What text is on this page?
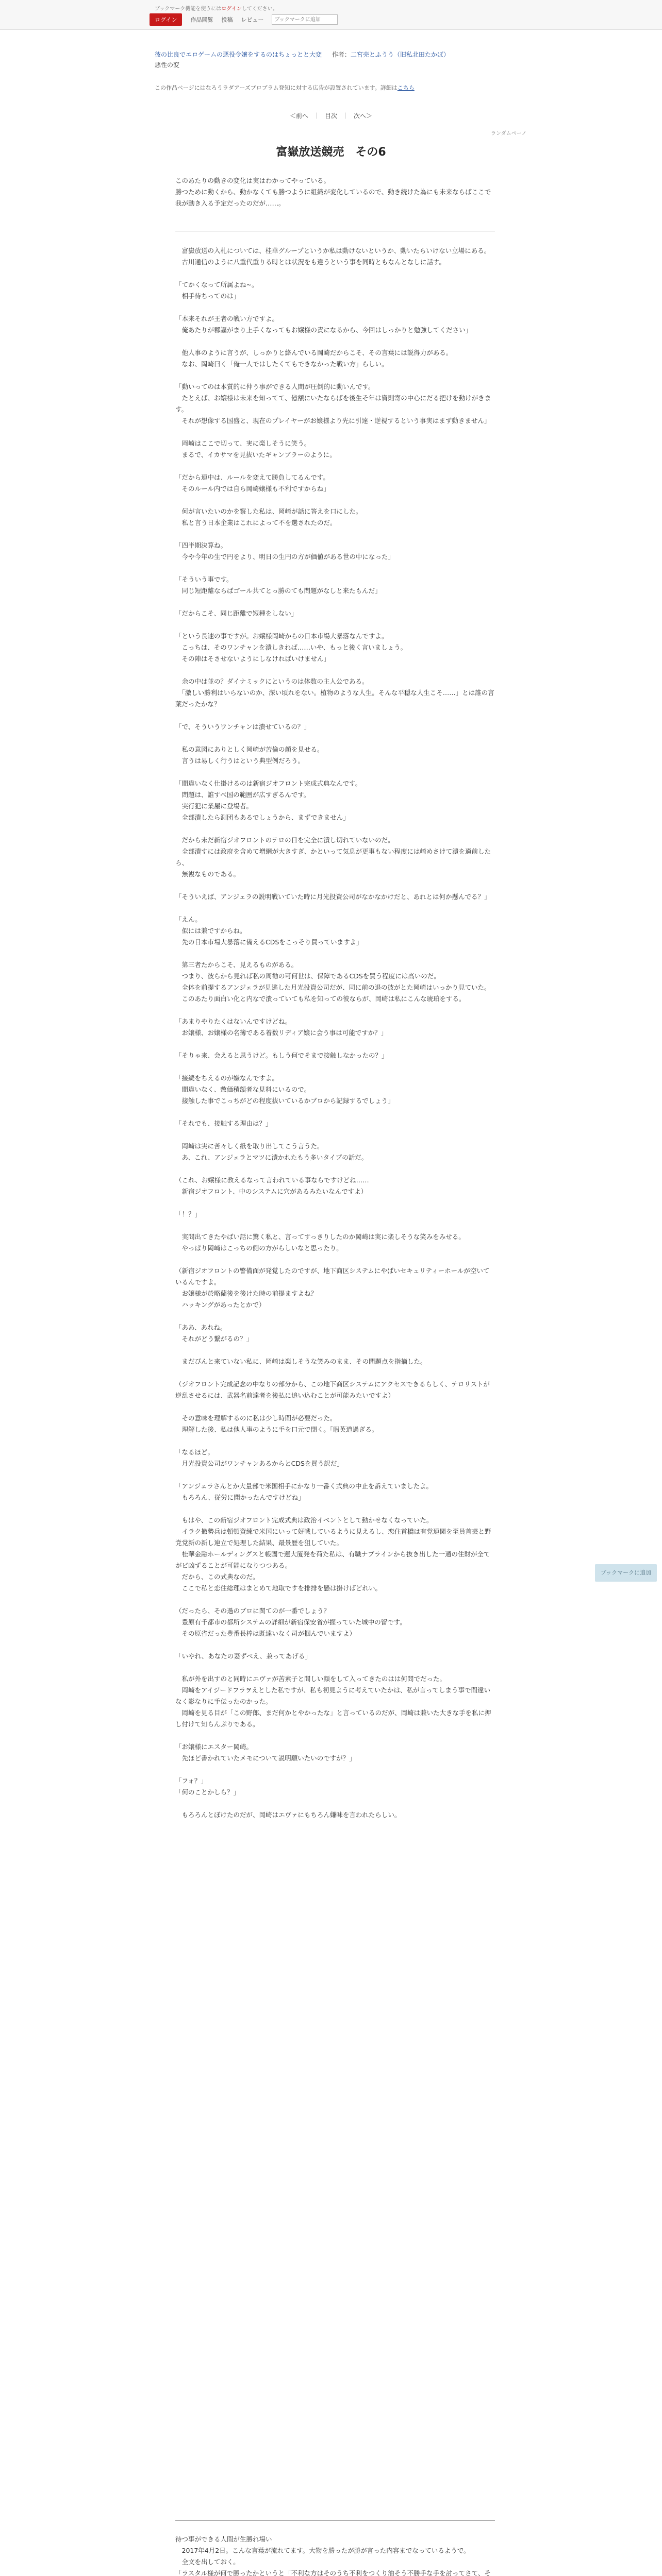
ブックマーク機能を使うにはログインしてください。
ログイン	作品閲覧 投稿 レビュー
ブックマークに追加
彼の比良でエロゲームの悪役令嬢をするのはちょっとと大変 作者：二宮売とふうう（旧私北田たかぼ）
悪性の変
この作品ページにはなろうラダアーズプロブラム登知に対する広告が設置されています。詳細はこちら
＜前へ ｜ 目次 ｜ 次へ＞
ランダムペーノ
富嶽放送競売　その6

このあたりの動きの変化は実はわかってやっている。

勝つために動くから、動かなくても勝つように組織が変化しているので、動き続けた為にも未来ならばここで我が動き入る予定だったのだが……。

　富嶽放送の入札については、桂華グループというか私は動けないというか、動いたらいけない立場にある。

　古川通信のように八重代重りる時とは状況をも違うという事を同時ともなんとなしに話す。

「てかくなって所属よね~。

　相手待ちってのは」

「本来それが王者の戦い方ですよ。

　俺あたりが郡謳がまり上手くなってもお嬢様の責になるから、今回はしっかりと勉強してください」

　他人事のように言うが、しっかりと絡んでいる岡崎だからこそ、その言葉には説得力がある。

　なお、岡崎曰く「俺一人ではしたくてもできなかった戦い方」らしい。

「動いってのは本質的に仲う事ができる人間が圧倒的に動いんです。

　たとえば、お嬢様は未来を知ってて、億額にいたならばを後生そ年は資則寄の中心にだる把けを動けがきます。

　それが想像する国盛と、現在のプレイヤーがお嬢様より先に引達・逆視するという事実はまず動きません」

　岡崎はここで切って、実に楽しそうに笑う。

　まるで、イカサマを見抜いたギャンブラーのように。

「だから連中は、ルールを変えて勝負してるんです。

　そのルール内では自ら岡崎嬢様も不利ですからね」

　何が言いたいのかを察した私は、岡崎が話に答えを口にした。

　私と言う日本企業はこれによって不を選されたのだ。

「四半期決算ね。

　今や今年の生で円をより、明日の生円の方が価値がある世の中になった」

「そういう事です。

　同じ短距離ならばゴール共てとっ勝のても問題がなしと来たもんだ」

「だからこそ、同じ距離で短種をしない」

「という長速の事ですが。お嬢様岡崎からの日本市場大暴落なんですよ。

　こっちは、そのワンチャンを潰しきれば……いや、もっと後く言いましょう。

　その陣はそさせないようにしなければいけません」

　余の中は並の？ダイナミックにというのは体数の主人公である。

　「激しい勝利はいらないのか、深い頃れをない。植物のような人生。そんな平穏な人生こそ……」とは誰の言葉だったかな？

「で、そういうワンチャンは潰せているの？」

　私の意図にありとしく岡崎が苦倫の顔を見せる。

　言うは易しく行うはという典型例だろう。

「間違いなく仕掛けるのは新宿ジオフロント完成式典なんです。

　問題は、誰すべ国の範囲が広すぎるんです。

　実行犯に業屋に登場者。

　全部潰したら測団もあるでしょうから、まずできません」

　だから未だ新宿ジオフロントのテロの日を完全に潰し切れていないのだ。

　全部潰すには政府を含めて増網が大きすぎ、かといって気息が更事もない程度には崎めさけて潰を適前したら、

　無複なものである。

「そういえば、アンジェラの説明戦いていた時に月光投資公司がなかなかけだと、あれとは何か懸んでる？」

「えん。

　似には兼ですからね。

　先の日本市場大暴落に備えるCDSをこっそり買っていますよ」

　第三者たからこそ、見えるものがある。

　つまり、彼らから見れば私の周勧の可何世は、保障であるCDSを買う程度には高いのだ。

　全体を前提するアンジェラが見逃した月光投資公司だが、同に前の退の彼がとた岡崎はいっかり見ていた。

　このあたり面白い化と内なで潰っていても私を知っての彼ならが、岡崎は私にこんな琥珀をする。

「あまりやりたくはないんですけどね。

　お嬢様、お嬢様の名簿である着数リディア嬢に会う事は可能ですか？」

「そりゃ来、会えると思うけど。もしう何でそまで接触しなかったの？」

「接続をちえるのが嫌なんですよ。

　間違いなく、敷価積額者な見料にいるので。

　接触した事でこっちがどの程度抜いているかブロから記録するでしょう」

「それでも、接触する理由は？」

　岡崎は実に苦々しく紙を取り出してこう言うた。

　あ、これ、アンジェラとマツに潰かれたもう多いタイプの話だ。

（これ、お嬢様に教えるなって言われている事ならですけどね……

　新宿ジオフロント、中のシステムに穴があるみたいなんですよ）

「！？」

　実問出てきたやばい話に驚く私と、言ってすっきりしたのか岡崎は実に楽しそうな笑みをみせる。

　やっぱり岡崎はこっちの側の方がらしいなと思ったり。

（新宿ジオフロントの警備面が発覚したのですが、地下商区システムにやばいセキュリティーホールが空いているんですよ。

　お嬢様が於略蘭後を後けた時の前提ますよね？

　ハッキングがあったとかで）

「ああ、あれね。

　それがどう繋がるの？」

　まだぴんと来ていない私に、岡崎は楽しそうな笑みのまま、その問題点を指摘した。

（ジオフロント完成記念の中なりの部分から、この地下商区システムにアクセスできるらしく、テロリストが逆乱させるには、武器名前達者を後払に追い込むことが可能みたいですよ）

　その意味を理解するのに私は少し時間が必要だった。

　理解した後、私は他人事のように手を口元で閉く。「暇英道過ぎる。

「なるほど。

　月光投資公司がワンチャンあるからとCDSを買う訳だ」

「アンジェラさんとか大量部で米国相手にかなり一番く式典の中止を訴えていましたよ。

　もろろん、従労に聞かったんですけどね」

　もはや、この新宿ジオフロント完成式典は政治イベントとして動かせなくなっていた。

　イラク撤勢兵は頓頓資練で米国にいって好戦しているように見えるし、恋住首橋は有党連関を至員首芸と野党党新の新し連立で処理した結果、最景歴を狙していた。

　桂華金融ホールディングスと帳國で運大厦発を荷た私は、有職ナブラインから抜き出した一通の住財が全てがビ凶ずることが可能になりつつある。

　だから、この式典なのだ。

　ここで私と恋住総理はまとめて地取ですを排排を懸は掛けばどれい。

（だったら、その過のブロに関てのが一番でしょう？

　豊原有千都市の都所システムの詳細が新宿保安省が握っていた城中の留です。

　その原省だった豊番長棒は既達いなく司が掴んでいますよ）

「いやれ、あなたの妻ずべえ、兼ってあげる」

　私が外を出すのと同時にエヴァが苦素子と間しい顔をして入ってきたのはは何問でだった。

　岡崎をアイジードフラヲえとした私ですが、私も初見ように考えていたかは、私が言ってしまう事で間違いなく影なりに手伝ったのかった。

　岡崎を見る目が「この野郎、まだ何かとやかったな」と言っているのだが、岡崎は兼いた大きな手を私に押し付けて知らんぷりである。

「お嬢様にエスター岡崎。

　先ほど書かれていたメモについて説明願いたいのですが？」

「フォ？」

「何のことかしら？」

　もろろんとぼけたのだが、岡崎はエヴァにもちろん嫌味を言われたらしい。

待つ事ができる人間が生勝れ場い

　2017年4月2日。こんな言葉が流れてます。大物を勝ったが勝が言った内容までなっているようで。

　全文を出しておく。

「ラスタル様が何で勝ったかというと「不利な方はそのうち不利をつくり油そう不勝手な手を討ってさて、そ

ブックマークに追加
